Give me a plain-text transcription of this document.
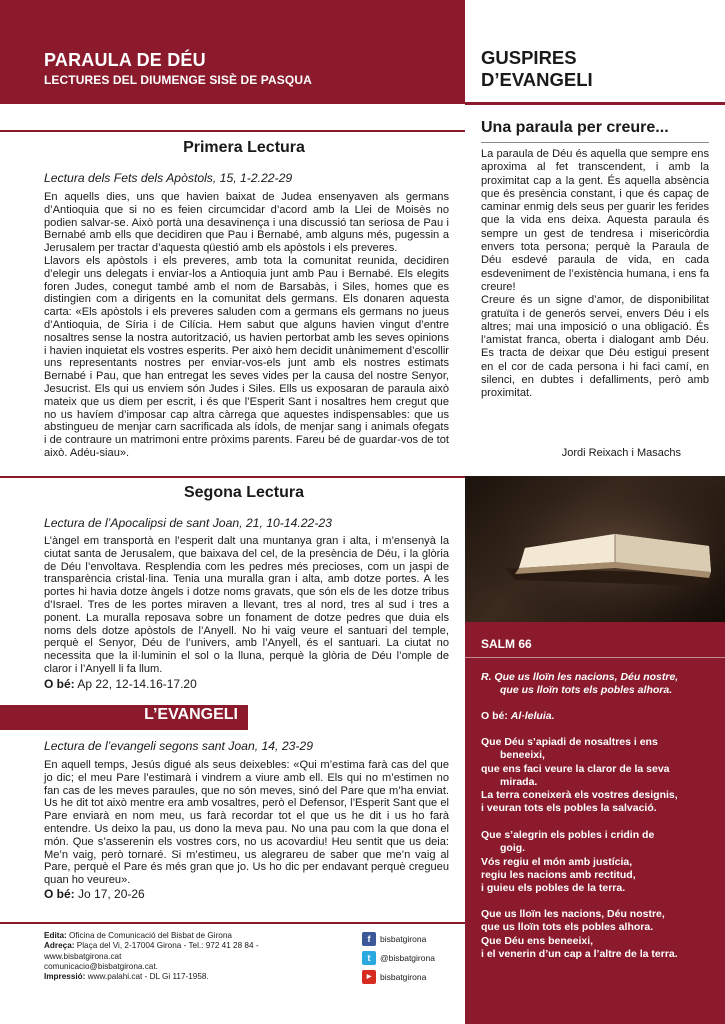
PARAULA DE DÉU
LECTURES DEL DIUMENGE SISÈ DE PASQUA
Primera Lectura
Lectura dels Fets dels Apòstols, 15, 1-2.22-29
En aquells dies, uns que havien baixat de Judea ensenyaven als germans d’Antioquia que si no es feien circumcidar d’acord amb la Llei de Moisès no podien salvar-se. Això portà una desavinença i una discussió tan seriosa de Pau i Bernabé amb ells que decidiren que Pau i Bernabé, amb alguns més, pugessin a Jerusalem per tractar d’aquesta qüestió amb els apòstols i els preveres.
Llavors els apòstols i els preveres, amb tota la comunitat reunida, decidiren d’elegir uns delegats i enviar-los a Antioquia junt amb Pau i Bernabé. Els elegits foren Judes, conegut també amb el nom de Barsabàs, i Siles, homes que es distingien com a dirigents en la comunitat dels germans. Els donaren aquesta carta: «Els apòstols i els preveres saluden com a germans els germans no jueus d’Antioquia, de Síria i de Cilícia. Hem sabut que alguns havien vingut d’entre nosaltres sense la nostra autorització, us havien pertorbat amb les seves opinions i havien inquietat els vostres esperits. Per això hem decidit unànimement d’escollir uns representants nostres per enviar-vos-els junt amb els nostres estimats Bernabé i Pau, que han entregat les seves vides per la causa del nostre Senyor, Jesucrist. Els qui us enviem són Judes i Siles. Ells us exposaran de paraula això mateix que us diem per escrit, i és que l’Esperit Sant i nosaltres hem cregut que no us havíem d’imposar cap altra càrrega que aquestes indispensables: que us abstingueu de menjar carn sacrificada als ídols, de menjar sang i animals ofegats i de contraure un matrimoni entre pròxims parents. Fareu bé de guardar-vos de tot això. Adéu-siau».
Segona Lectura
Lectura de l’Apocalipsi de sant Joan, 21, 10-14.22-23
L’àngel em transportà en l’esperit dalt una muntanya gran i alta, i m’ensenyà la ciutat santa de Jerusalem, que baixava del cel, de la presència de Déu, i la glòria de Déu l’envoltava. Resplendia com les pedres més precioses, com un jaspi de transparència cristal·lina. Tenia una muralla gran i alta, amb dotze portes. A les portes hi havia dotze àngels i dotze noms gravats, que són els de les dotze tribus d’Israel. Tres de les portes miraven a llevant, tres al nord, tres al sud i tres a ponent. La muralla reposava sobre un fonament de dotze pedres que duia els noms dels dotze apòstols de l’Anyell. No hi vaig veure el santuari del temple, perquè el Senyor, Déu de l’univers, amb l’Anyell, és el santuari. La ciutat no necessita que la il·luminin el sol o la lluna, perquè la glòria de Déu l’omple de claror i l’Anyell li fa llum.
O bé: Ap 22, 12-14.16-17.20
L’EVANGELI
Lectura de l’evangeli segons sant Joan, 14, 23-29
En aquell temps, Jesús digué als seus deixebles: «Qui m’estima farà cas del que jo dic; el meu Pare l’estimarà i vindrem a viure amb ell. Els qui no m’estimen no fan cas de les meves paraules, que no són meves, sinó del Pare que m’ha enviat. Us he dit tot això mentre era amb vosaltres, però el Defensor, l’Esperit Sant que el Pare enviarà en nom meu, us farà recordar tot el que us he dit i us ho farà entendre. Us deixo la pau, us dono la meva pau. No una pau com la que dona el món. Que s’asserenin els vostres cors, no us acovardiu! Heu sentit que us deia: Me’n vaig, però tornaré. Si m’estimeu, us alegrareu de saber que me’n vaig al Pare, perquè el Pare és més gran que jo. Us ho dic per endavant perquè cregueu quan ho veureu».
O bé: Jo 17, 20-26
Edita: Oficina de Comunicació del Bisbat de Girona
Adreça: Plaça del Vi, 2-17004 Girona - Tel.: 972 41 28 84 - www.bisbatgirona.cat
comunicacio@bisbatgirona.cat.
Impressió: www.palahi.cat - DL Gi 117-1958.
f	bisbatgirona
t	@bisbatgirona
▶	bisbatgirona
GUSPIRES
D’EVANGELI
Una paraula per creure...
La paraula de Déu és aquella que sempre ens aproxima al fet transcendent, i amb la proximitat cap a la gent. És aquella absència que és presència constant, i que és capaç de caminar enmig dels seus per guarir les ferides que la vida ens deixa. Aquesta paraula és sempre un gest de tendresa i misericòrdia envers tota persona; perquè la Paraula de Déu esdevé paraula de vida, en cada esdeveniment de l’existència humana, i ens fa creure!
Creure és un signe d’amor, de disponibilitat gratuïta i de generós servei, envers Déu i els altres; mai una imposició o una obligació. És l’amistat franca, oberta i dialogant amb Déu. Es tracta de deixar que Déu estigui present en el cor de cada persona i hi faci camí, en silenci, en dubtes i defalliments, però amb proximitat.
Jordi Reixach i Masachs
SALM 66
R. Que us lloïn les nacions, Déu nostre,
que us lloïn tots els pobles alhora.
O bé: Al·leluia.
Que Déu s’apiadi de nosaltres i ens
beneeixi,
que ens faci veure la claror de la seva
mirada.
La terra coneixerà els vostres designis,
i veuran tots els pobles la salvació.
Que s’alegrin els pobles i cridin de
goig.
Vós regiu el món amb justícia,
regiu les nacions amb rectitud,
i guieu els pobles de la terra.
Que us lloïn les nacions, Déu nostre,
que us lloïn tots els pobles alhora.
Que Déu ens beneeixi,
i el venerin d’un cap a l’altre de la terra.
